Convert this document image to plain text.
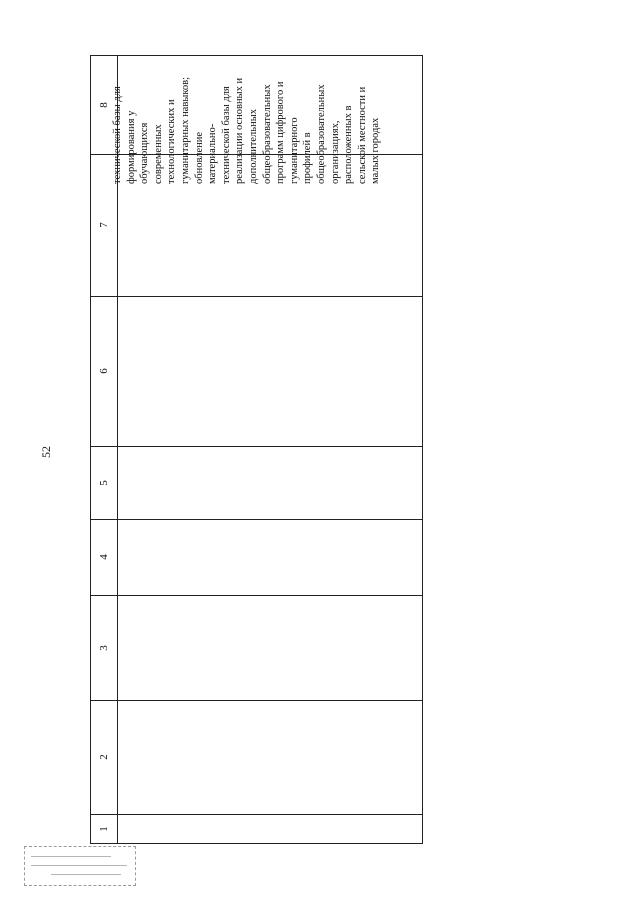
52
8
7
6
5
4
3
2
1
технической базы для
формирования у
обучающихся
современных
технологических и
гуманитарных навыков;
обновление
материально-
технической базы для
реализации основных и
дополнительных
общеобразовательных
программ цифрового и
гуманитарного
профилей в
общеобразовательных
организациях,
расположенных в
сельской местности и
малых городах
